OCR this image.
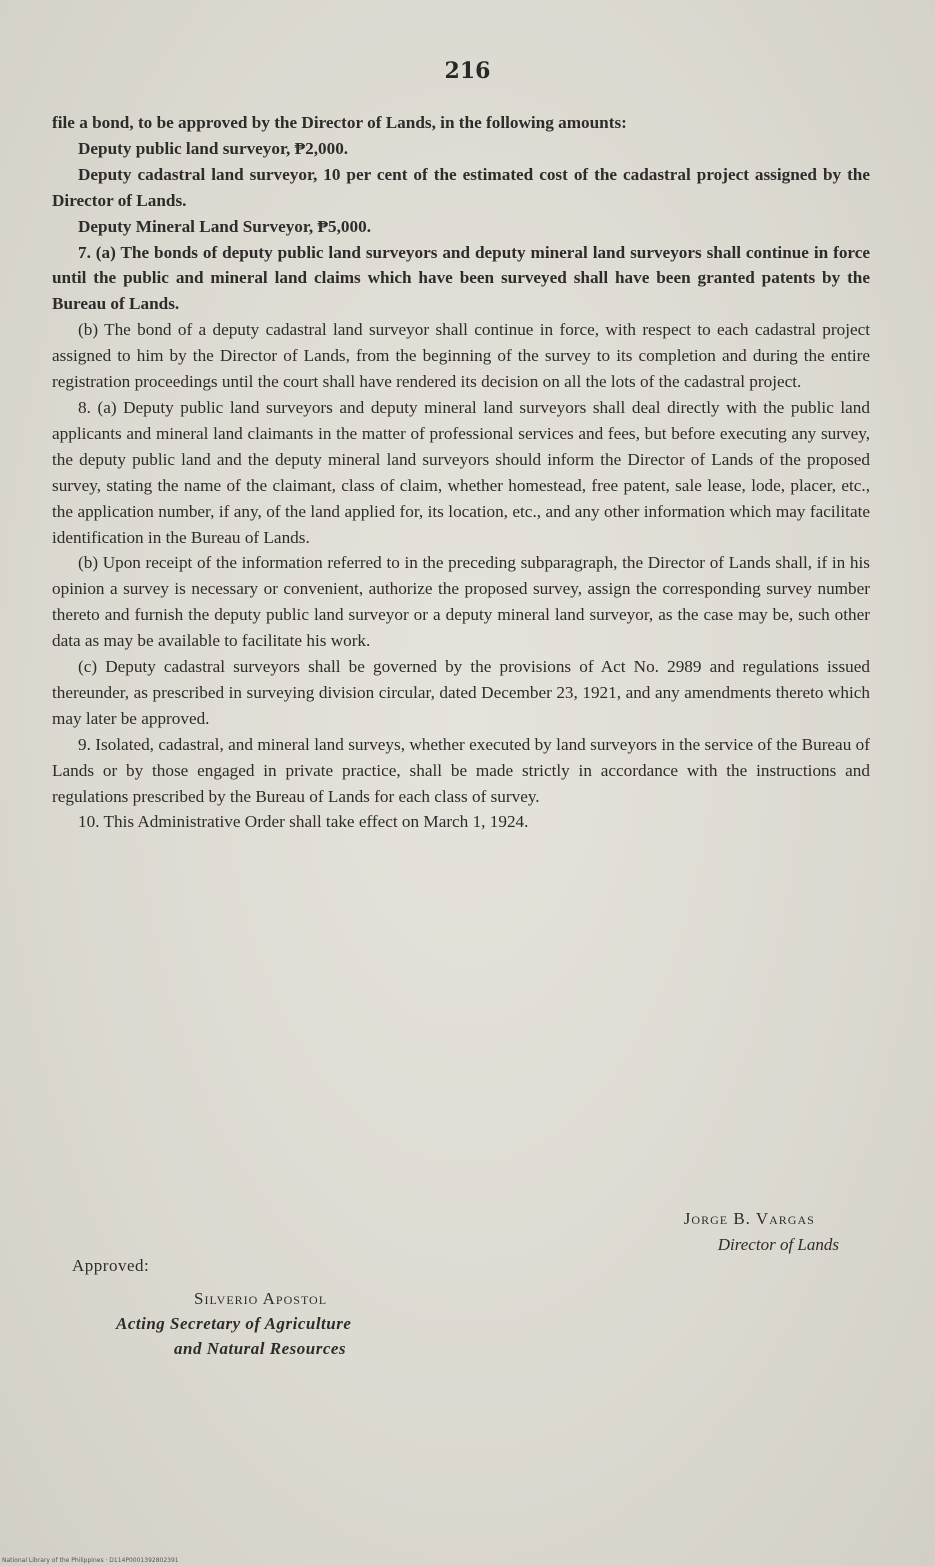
216

file a bond, to be approved by the Director of Lands, in the following amounts:

Deputy public land surveyor, ₱2,000.

Deputy cadastral land surveyor, 10 per cent of the estimated cost of the cadastral project assigned by the Director of Lands.

Deputy Mineral Land Surveyor, ₱5,000.

7. (a) The bonds of deputy public land surveyors and deputy mineral land surveyors shall continue in force until the public and mineral land claims which have been surveyed shall have been granted patents by the Bureau of Lands.

(b) The bond of a deputy cadastral land surveyor shall continue in force, with respect to each cadastral project assigned to him by the Director of Lands, from the beginning of the survey to its completion and during the entire registration proceedings until the court shall have rendered its decision on all the lots of the cadastral project.

8. (a) Deputy public land surveyors and deputy mineral land surveyors shall deal directly with the public land applicants and mineral land claimants in the matter of professional services and fees, but before executing any survey, the deputy public land and the deputy mineral land surveyors should inform the Director of Lands of the proposed survey, stating the name of the claimant, class of claim, whether homestead, free patent, sale lease, lode, placer, etc., the application number, if any, of the land applied for, its location, etc., and any other information which may facilitate identification in the Bureau of Lands.

(b) Upon receipt of the information referred to in the preceding subparagraph, the Director of Lands shall, if in his opinion a survey is necessary or convenient, authorize the proposed survey, assign the corresponding survey number thereto and furnish the deputy public land surveyor or a deputy mineral land surveyor, as the case may be, such other data as may be available to facilitate his work.

(c) Deputy cadastral surveyors shall be governed by the provisions of Act No. 2989 and regulations issued thereunder, as prescribed in surveying division circular, dated December 23, 1921, and any amendments thereto which may later be approved.

9. Isolated, cadastral, and mineral land surveys, whether executed by land surveyors in the service of the Bureau of Lands or by those engaged in private practice, shall be made strictly in accordance with the instructions and regulations prescribed by the Bureau of Lands for each class of survey.

10. This Administrative Order shall take effect on March 1, 1924.

Jorge B. Vargas
Director of Lands
Approved:
Silverio Apostol
Acting Secretary of Agriculture
and Natural Resources
National Library of the Philippines · D114P0001392802391
